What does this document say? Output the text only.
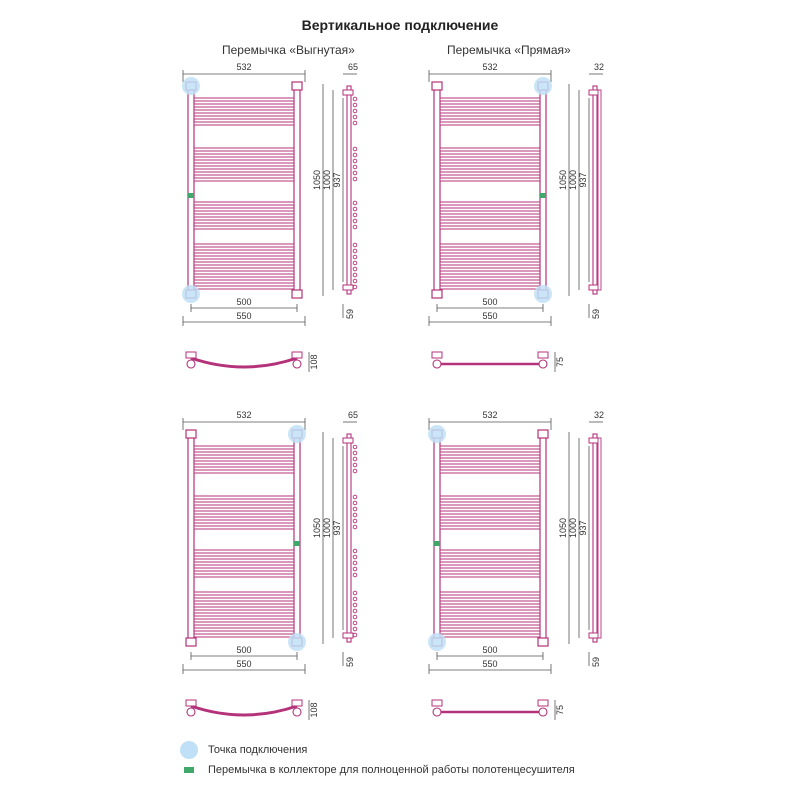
Вертикальное подключение
Перемычка «Выгнутая»	Перемычка «Прямая»
532
500
550
1050 1000 937
65
59
108
532
500
550
1050 1000 937
32
59
75
532
500
550
1050 1000 937
65
59
108
532
500
550
1050 1000 937
32
59
75
Точка подключения
Перемычка в коллекторе для полноценной работы полотенцесушителя
